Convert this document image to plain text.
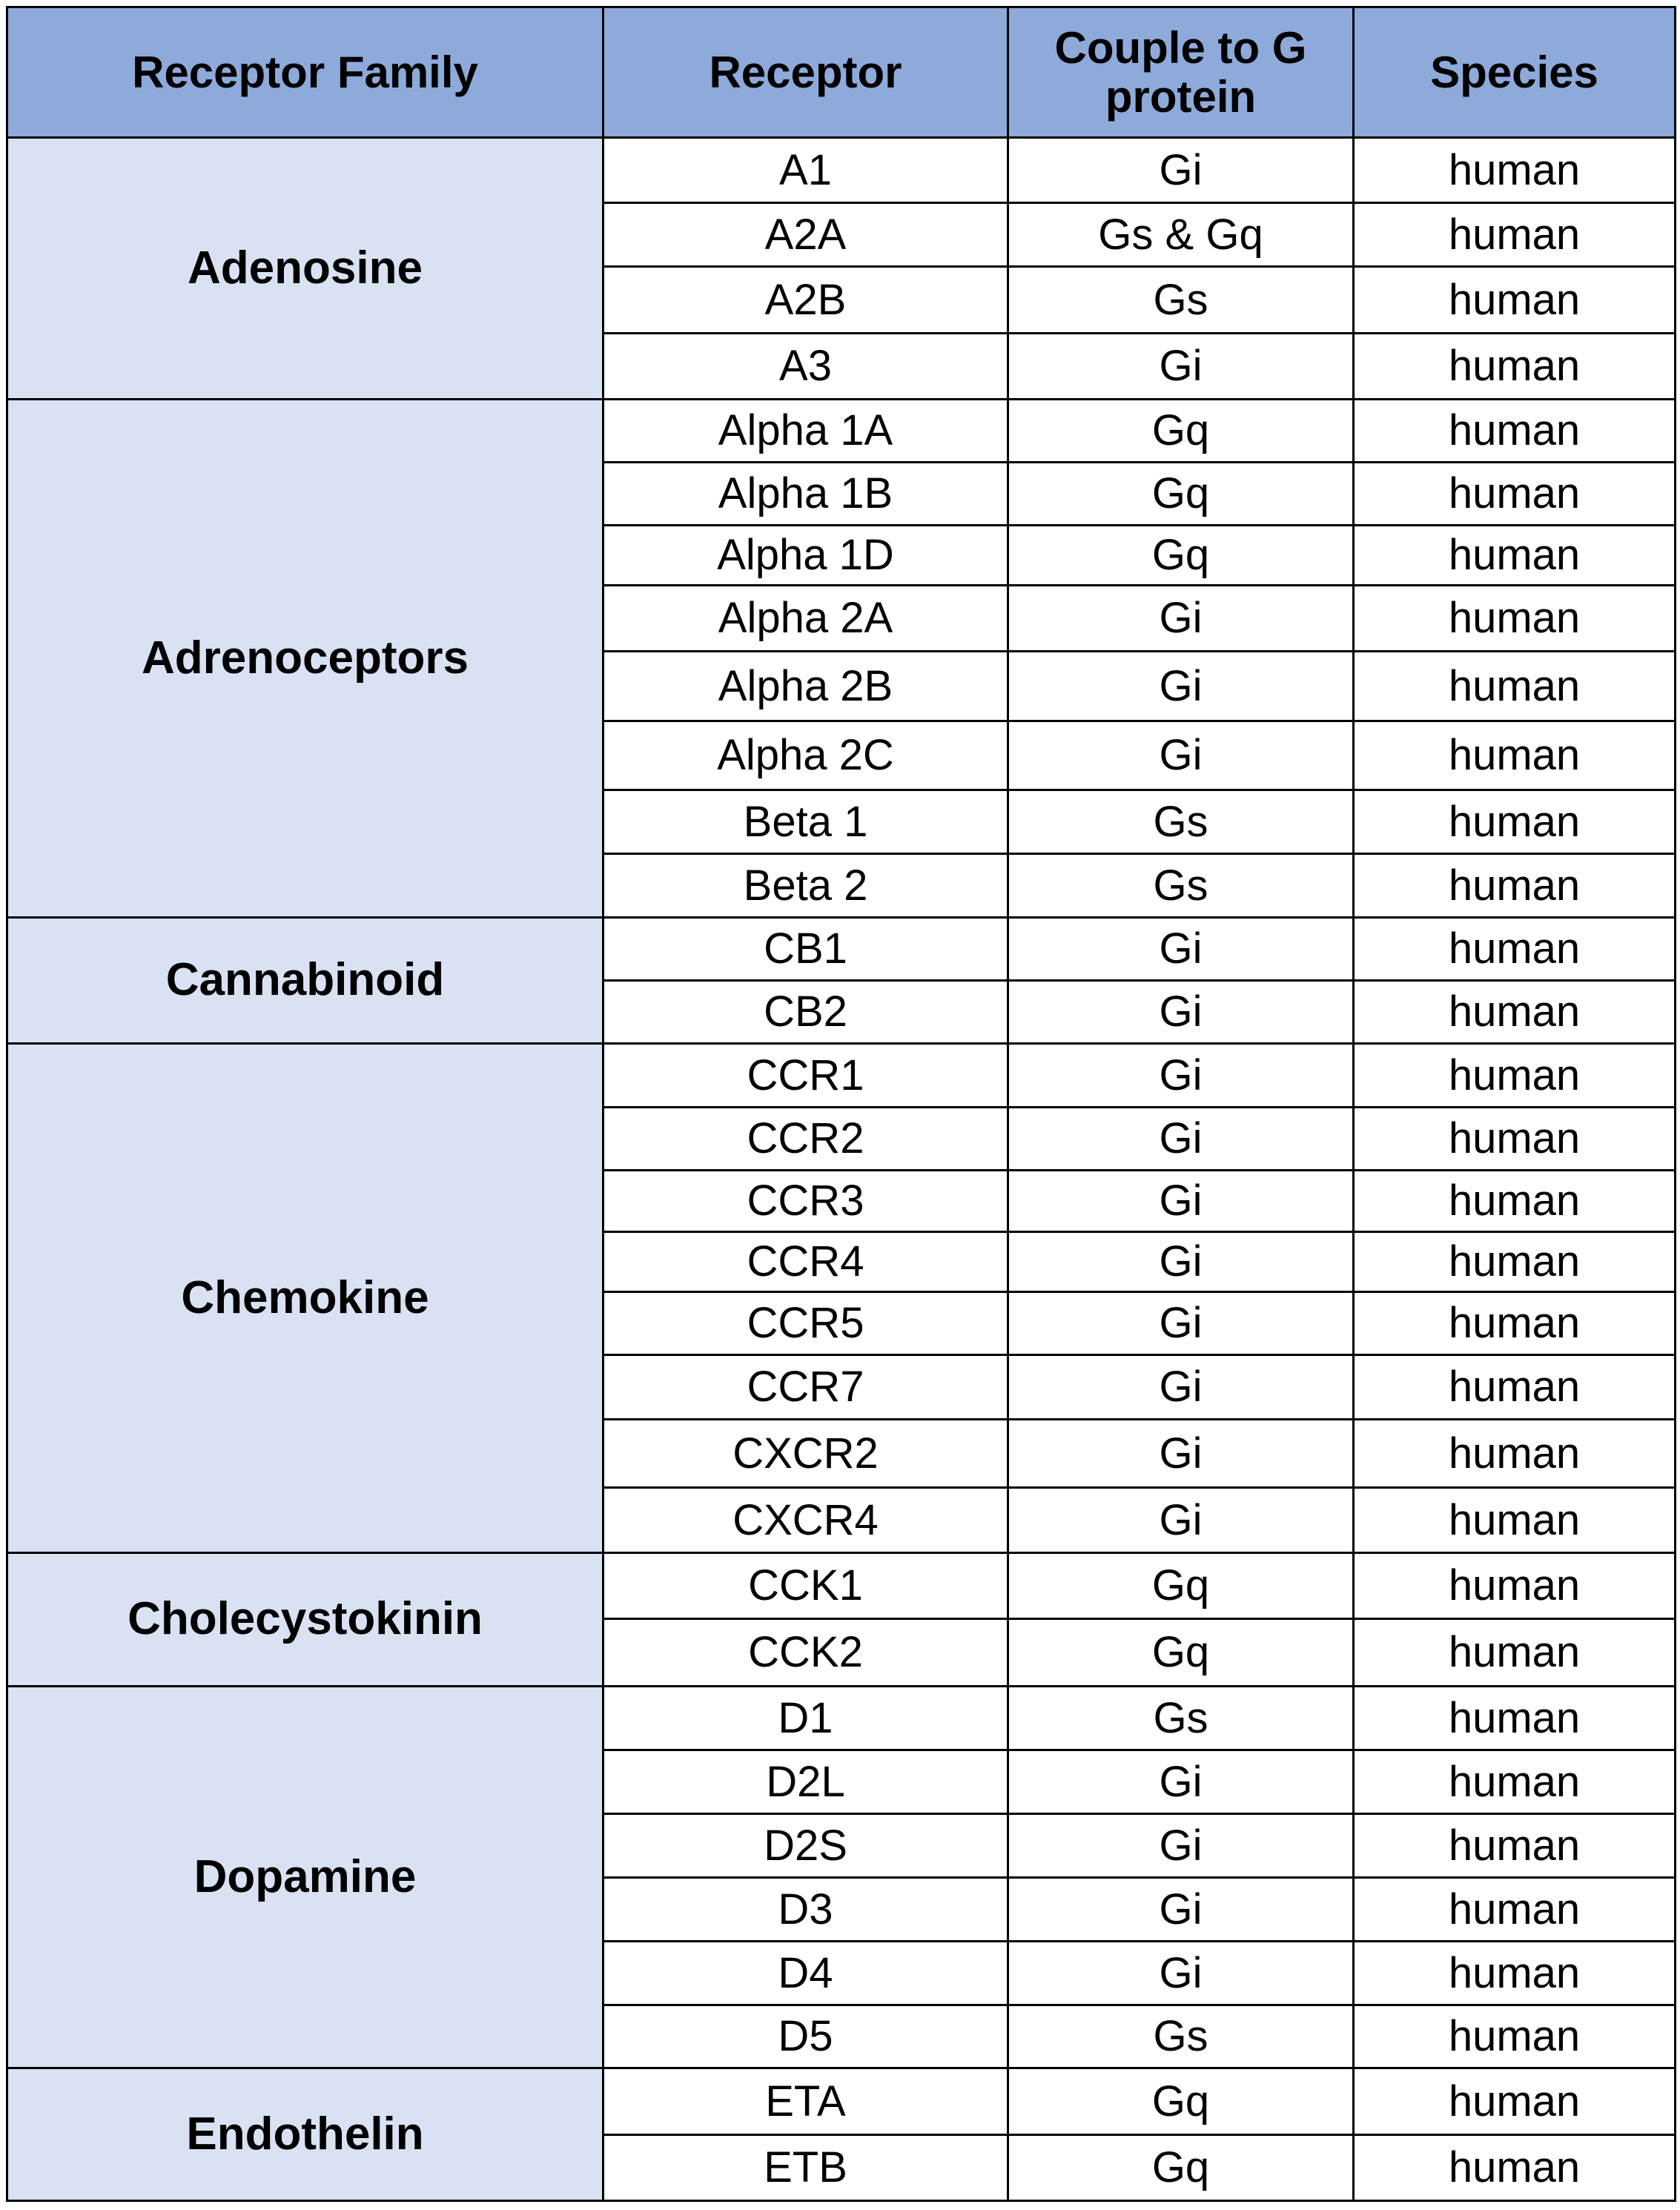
Receptor Family	Receptor	Couple to G protein	Species
Adenosine	A1	Gi	human
	A2A	Gs & Gq	human
	A2B	Gs	human
	A3	Gi	human
Adrenoceptors	Alpha 1A	Gq	human
	Alpha 1B	Gq	human
	Alpha 1D	Gq	human
	Alpha 2A	Gi	human
	Alpha 2B	Gi	human
	Alpha 2C	Gi	human
	Beta 1	Gs	human
	Beta 2	Gs	human
Cannabinoid	CB1	Gi	human
	CB2	Gi	human
Chemokine	CCR1	Gi	human
	CCR2	Gi	human
	CCR3	Gi	human
	CCR4	Gi	human
	CCR5	Gi	human
	CCR7	Gi	human
	CXCR2	Gi	human
	CXCR4	Gi	human
Cholecystokinin	CCK1	Gq	human
	CCK2	Gq	human
Dopamine	D1	Gs	human
	D2L	Gi	human
	D2S	Gi	human
	D3	Gi	human
	D4	Gi	human
	D5	Gs	human
Endothelin	ETA	Gq	human
	ETB	Gq	human
